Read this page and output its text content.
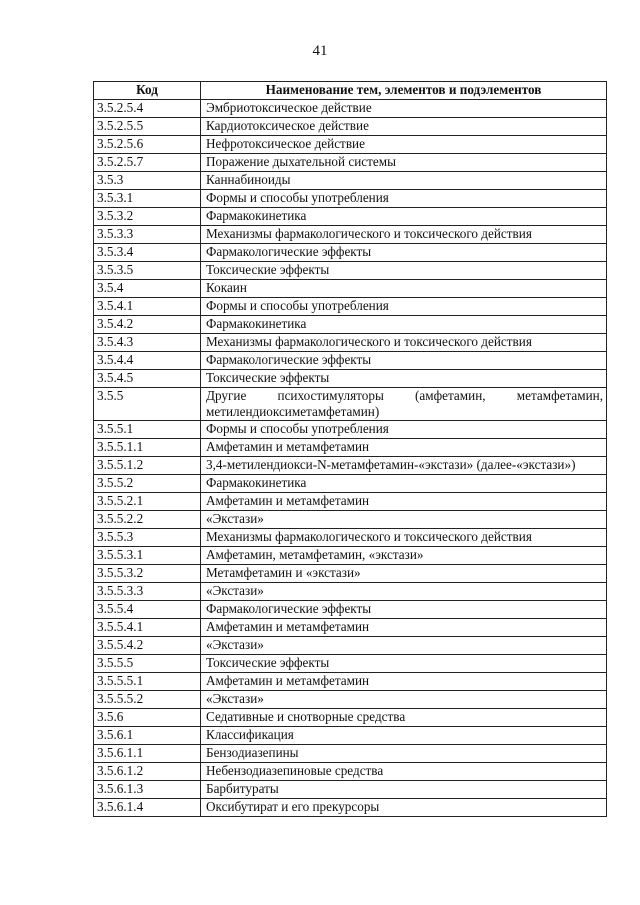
41
Код	Наименование тем, элементов и подэлементов
3.5.2.5.4	Эмбриотоксическое действие
3.5.2.5.5	Кардиотоксическое действие
3.5.2.5.6	Нефротоксическое действие
3.5.2.5.7	Поражение дыхательной системы
3.5.3	Каннабиноиды
3.5.3.1	Формы и способы употребления
3.5.3.2	Фармакокинетика
3.5.3.3	Механизмы фармакологического и токсического действия
3.5.3.4	Фармакологические эффекты
3.5.3.5	Токсические эффекты
3.5.4	Кокаин
3.5.4.1	Формы и способы употребления
3.5.4.2	Фармакокинетика
3.5.4.3	Механизмы фармакологического и токсического действия
3.5.4.4	Фармакологические эффекты
3.5.4.5	Токсические эффекты
3.5.5	Другие психостимуляторы (амфетамин, метамфетамин, метилендиоксиметамфетамин)
3.5.5.1	Формы и способы употребления
3.5.5.1.1	Амфетамин и метамфетамин
3.5.5.1.2	3,4-метилендиокси-N-метамфетамин-«экстази» (далее-«экстази»)
3.5.5.2	Фармакокинетика
3.5.5.2.1	Амфетамин и метамфетамин
3.5.5.2.2	«Экстази»
3.5.5.3	Механизмы фармакологического и токсического действия
3.5.5.3.1	Амфетамин, метамфетамин, «экстази»
3.5.5.3.2	Метамфетамин и «экстази»
3.5.5.3.3	«Экстази»
3.5.5.4	Фармакологические эффекты
3.5.5.4.1	Амфетамин и метамфетамин
3.5.5.4.2	«Экстази»
3.5.5.5	Токсические эффекты
3.5.5.5.1	Амфетамин и метамфетамин
3.5.5.5.2	«Экстази»
3.5.6	Седативные и снотворные средства
3.5.6.1	Классификация
3.5.6.1.1	Бензодиазепины
3.5.6.1.2	Небензодиазепиновые средства
3.5.6.1.3	Барбитураты
3.5.6.1.4	Оксибутират и его прекурсоры
